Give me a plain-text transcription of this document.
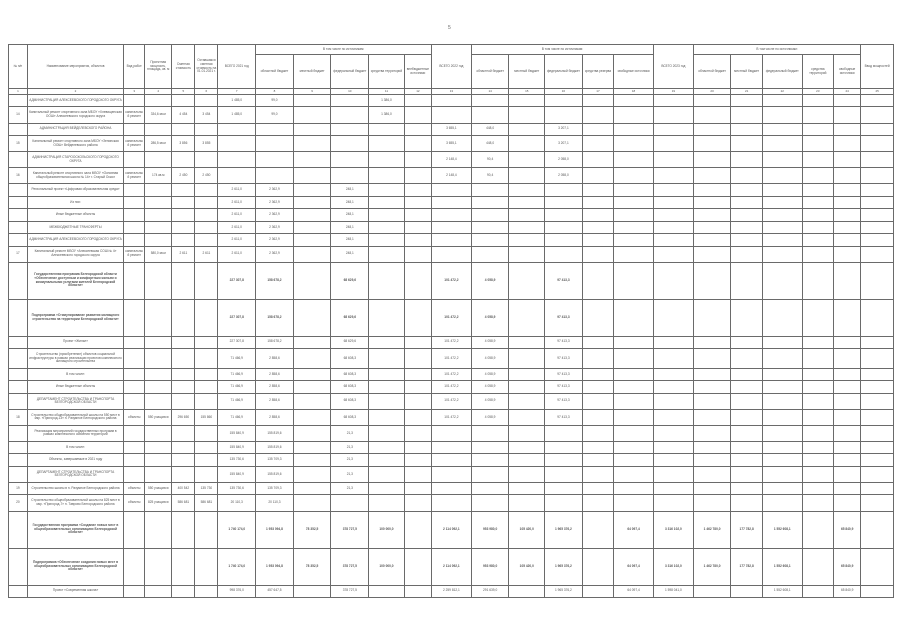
5
№ п/п	Наименование мероприятия, объектов	Вид работ	Проектная мощность, площадь, кв. м	Сметная стоимость	Оставшаяся сметная стоимость на 01.01.2021 г.	ВСЕГО 2021 год	В том числе по источникам:					ВСЕГО 2022 год	В том числе по источникам:					ВСЕГО 2023 год	В том числе по источникам:					Ввод мощностей
							областной бюджет	местный бюджет	федеральный бюджет	средства территорий	внебюджетные источники		областной бюджет	местный бюджет	федеральный бюджет	средства резерва	свободные источники		областной бюджет	местный бюджет	федеральный бюджет	средства территорий	свободные источники	
1	2	3	4	5	6	7	8	9	10	11	12	13	14	15	16	17	18	19	20	21	22	23	24	25
	АДМИНИСТРАЦИЯ АЛЕКСЕЕВСКОГО ГОРОДСКОГО ОКРУГА					1 485,0	99,0			1 386,0														
14	Капитальный ремонт спортивного зала МБОУ «Хлевищенская ООШ» Алексеевского городского округа	капитальный ремонт	334,6 кв.м	4 454	3 454	1 485,0	99,0			1 386,0														
	АДМИНИСТРАЦИЯ ВЕЙДЕЛЕВСКОГО РАЙОНА											3 655,1	448,0		3 207,1									
15	Капитальный ремонт спортивного зала МБОУ «Зенинская ООШ» Вейделевского района	капитальный ремонт	286,5 кв.м	3 856	3 855							3 655,1	448,0		3 207,1									
	АДМИНИСТРАЦИЯ СТАРООСКОЛЬСКОГО ГОРОДСКОГО ОКРУГА											2 148,4	90,4		2 058,0									
16	Капитальный ремонт спортивного зала МБОУ «Основная общеобразовательная школа № 14» г. Старый Оскол	капитальный ремонт	174 кв.м	2 450	2 450							2 148,4	90,4		2 058,0									
	Региональный проект «Цифровая образовательная среда»					2 611,0	2 362,9		248,1															
	Из них:					2 611,0	2 362,9		248,1															
	Иные бюджетные объекты					2 611,0	2 362,9		248,1															
	МЕЖБЮДЖЕТНЫЕ ТРАНСФЕРТЫ					2 611,0	2 362,9		248,1															
	АДМИНИСТРАЦИЯ АЛЕКСЕЕВСКОГО ГОРОДСКОГО ОКРУГА					2 611,0	2 362,9		248,1															
17	Капитальный ремонт МБОУ «Алексеевская СОШ № 4» Алексеевского городского округа	капитальный ремонт	580,0 кв.м	2 611	2 611	2 611,0	2 362,9		248,1															
	Государственная программа Белгородской области «Обеспечение доступным и комфортным жильем и коммунальными услугами жителей Белгородской области»					227 307,8	158 678,2		68 629,6			101 472,2	4 058,9		97 413,3									
	Подпрограмма «Стимулирование развития жилищного строительства на территории Белгородской области»					227 307,8	158 678,2		68 629,6			101 472,2	4 058,9		97 413,3									
	Проект «Жилье»					227 307,8	158 678,2		68 629,6			101 472,2	4 058,9		97 413,3									
	Строительство (приобретение) объектов социальной инфраструктуры в рамках реализации проектов комплексного жилищного строительства					71 466,9	2 858,6		68 608,3			101 472,2	4 058,9		97 413,3									
	В том числе:					71 466,9	2 858,6		68 608,3			101 472,2	4 058,9		97 413,3									
	Иные бюджетные объекты					71 466,9	2 858,6		68 608,3			101 472,2	4 058,9		97 413,3									
	ДЕПАРТАМЕНТ СТРОИТЕЛЬСТВА И ТРАНСПОРТА БЕЛГОРОДСКОЙ ОБЛАСТИ					71 466,9	2 858,6		68 608,3			101 472,2	4 058,9		97 413,3									
18	Строительство общеобразовательной школы на 550 мест в мкр. «Пригород-13» п. Разумное Белгородского района	объекты	550 учащихся	296 650	155 860	71 466,9	2 858,6		68 608,3			101 472,2	4 058,9		97 413,3									
	Реализация мероприятий государственных программ в рамках комплексного освоения территорий					155 840,9	155 819,6		21,3															
	В том числе:					155 840,9	155 819,6		21,3															
	Объекты, завершаемые в 2021 году					135 730,6	135 709,3		21,3															
	ДЕПАРТАМЕНТ СТРОИТЕЛЬСТВА И ТРАНСПОРТА БЕЛГОРОДСКОЙ ОБЛАСТИ					155 840,9	155 819,6		21,3															
19	Строительство школы в п. Разумное Белгородского района	объекты	550 учащихся	400 542	135 730	135 730,6	135 709,3		21,3															
20	Строительство общеобразовательной школы на 825 мест в мкр. «Пригород-7» п. Таврово Белгородского района	объекты	825 учащихся	586 681	586 681	20 110,3	20 110,3																	
	Государственная программа «Создание новых мест в общеобразовательных организациях Белгородской области»					1 740 174,0	1 953 094,8	78 352,5	378 727,5	100 000,0		2 114 092,1	953 980,0	105 420,0	1 965 376,2		64 097,4	3 316 102,0	1 462 780,0	177 782,8	1 552 608,1		65 840,9	
	Подпрограмма «Обеспечение создания новых мест в общеобразовательных организациях Белгородской области»					1 740 174,0	1 953 094,8	78 352,5	378 727,5	100 000,0		2 114 092,1	953 980,0	105 420,0	1 965 376,2		64 097,4	3 316 102,0	1 462 780,0	177 782,8	1 552 608,1		65 840,9	
	Проект «Современная школа»					998 376,0	457 647,5		378 727,5			2 259 812,1	291 639,0		1 965 376,2		64 097,4	1 598 041,0			1 552 608,1		65 840,9	
